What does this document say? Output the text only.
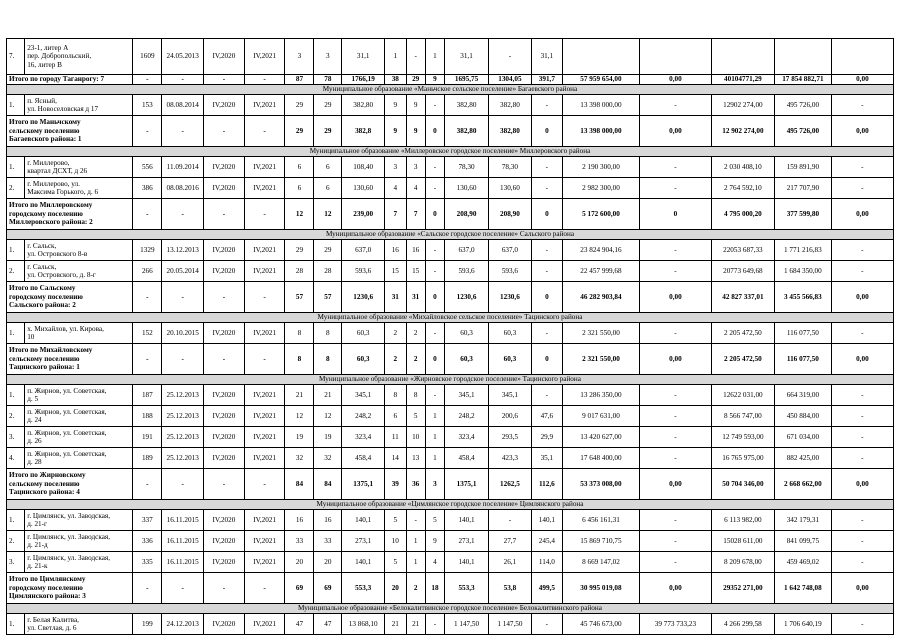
7.	23-1, литер А
пер. Добропольский,
16, литер В	1609	24.05.2013	IV,2020	IV,2021	3	3	31,1	1	-	1	31,1	-	31,1					

Итого по городу Таганрогу: 7		-	-	-	-	87	78	1766,19	38	29	9	1695,75	1304,05	391,7	57 959 654,00	0,00	40104771,29	17 854 882,71	0,00
Муниципальное образование «Маньчское сельское поселение» Багаевского района																			
1.	п. Ясный,
ул. Новоселовская д 17	153	08.08.2014	IV,2020	IV,2021	29	29	382,80	9	9	-	382,80	382,80	-	13 398 000,00	-	12902 274,00	495 726,00	-

Итого по Маньчскому
сельскому поселению
Багаевского района: 1		-	-	-	-	29	29	382,8	9	9	0	382,80	382,80	0	13 398 000,00	0,00	12 902 274,00	495 726,00	0,00
Муниципальное образование «Миллеровское городское поселение» Миллеровского района																			
1.	г. Миллерово,
квартал ДСХТ, д 26	556	11.09.2014	IV,2020	IV,2021	6	6	108,40	3	3	-	78,30	78,30	-	2 190 300,00	-	2 030 408,10	159 891,90	-
2.	г. Миллерово, ул.
Максима Горького, д. 6	386	08.08.2016	IV,2020	IV,2021	6	6	130,60	4	4	-	130,60	130,60	-	2 982 300,00	-	2 764 592,10	217 707,90	-

Итого по Миллеровскому
городскому поселению
Миллеровского района: 2		-	-	-	-	12	12	239,00	7	7	0	208,90	208,90	0	5 172 600,00	0	4 795 000,20	377 599,80	0,00
Муниципальное образование «Сальское городское поселение» Сальского района																			
1.	г. Сальск,
ул. Островского 8-в	1329	13.12.2013	IV,2020	IV,2021	29	29	637,0	16	16	-	637,0	637,0	-	23 824 904,16	-	22053 687,33	1 771 216,83	-
2.	г. Сальск,
ул. Островского, д. 8-г	266	20.05.2014	IV,2020	IV,2021	28	28	593,6	15	15	-	593,6	593,6	-	22 457 999,68	-	20773 649,68	1 684 350,00	-

Итого по Сальскому
городскому поселению
Сальского района: 2		-	-	-	-	57	57	1230,6	31	31	0	1230,6	1230,6	0	46 282 903,84	0,00	42 827 337,01	3 455 566,83	0,00
Муниципальное образование «Михайловское сельское поселение» Тацинского района																			
1.	х. Михайлов, ул. Кирова,
10	152	20.10.2015	IV,2020	IV,2021	8	8	60,3	2	2	-	60,3	60,3	-	2 321 550,00	-	2 205 472,50	116 077,50	-

Итого по Михайловскому
сельскому поселению
Тацинского района: 1		-	-	-	-	8	8	60,3	2	2	0	60,3	60,3	0	2 321 550,00	0,00	2 205 472,50	116 077,50	0,00
Муниципальное образование «Жирновское городское поселение» Тацинского района																			
1.	п. Жирнов, ул. Советская,
д. 5	187	25.12.2013	IV,2020	IV,2021	21	21	345,1	8	8	-	345,1	345,1	-	13 286 350,00	-	12622 031,00	664 319,00	-
2.	п. Жирнов, ул. Советская,
д. 24	188	25.12.2013	IV,2020	IV,2021	12	12	248,2	6	5	1	248,2	200,6	47,6	9 017 631,00	-	8 566 747,00	450 884,00	-
3.	п. Жирнов, ул. Советская,
д. 26	191	25.12.2013	IV,2020	IV,2021	19	19	323,4	11	10	1	323,4	293,5	29,9	13 420 627,00	-	12 749 593,00	671 034,00	-
4.	п. Жирнов, ул. Советская,
д. 28	189	25.12.2013	IV,2020	IV,2021	32	32	458,4	14	13	1	458,4	423,3	35,1	17 648 400,00	-	16 765 975,00	882 425,00	-

Итого по Жирновскому
сельскому поселению
Тацинского района: 4		-	-	-	-	84	84	1375,1	39	36	3	1375,1	1262,5	112,6	53 373 008,00	0,00	50 704 346,00	2 668 662,00	0,00
Муниципальное образование «Цимлянское городское поселение» Цимлянского района																			
1.	г. Цимлянск, ул. Заводская,
д. 21-г	337	16.11.2015	IV,2020	IV,2021	16	16	140,1	5	-	5	140,1	-	140,1	6 456 161,31	-	6 113 982,00	342 179,31	-
2.	г. Цимлянск, ул. Заводская,
д. 21-д	336	16.11.2015	IV,2020	IV,2021	33	33	273,1	10	1	9	273,1	27,7	245,4	15 869 710,75	-	15028 611,00	841 099,75	-
3.	г. Цимлянск, ул. Заводская,
д. 21-к	335	16.11.2015	IV,2020	IV,2021	20	20	140,1	5	1	4	140,1	26,1	114,0	8 669 147,02	-	8 209 678,00	459 469,02	-

Итого по Цимлянскому
городскому поселению
Цимлянского района: 3		-	-	-	-	69	69	553,3	20	2	18	553,3	53,8	499,5	30 995 019,08	0,00	29352 271,00	1 642 748,08	0,00
Муниципальное образование «Белокалитвинское городское поселение» Белокалитвинского района																			
1.	г. Белая Калитва,
ул. Светлая, д. 6	199	24.12.2013	IV,2020	IV,2021	47	47	13 868,10	21	21	-	1 147,50	1 147,50	-	45 746 673,00	39 773 733,23	4 266 299,58	1 706 640,19	-
